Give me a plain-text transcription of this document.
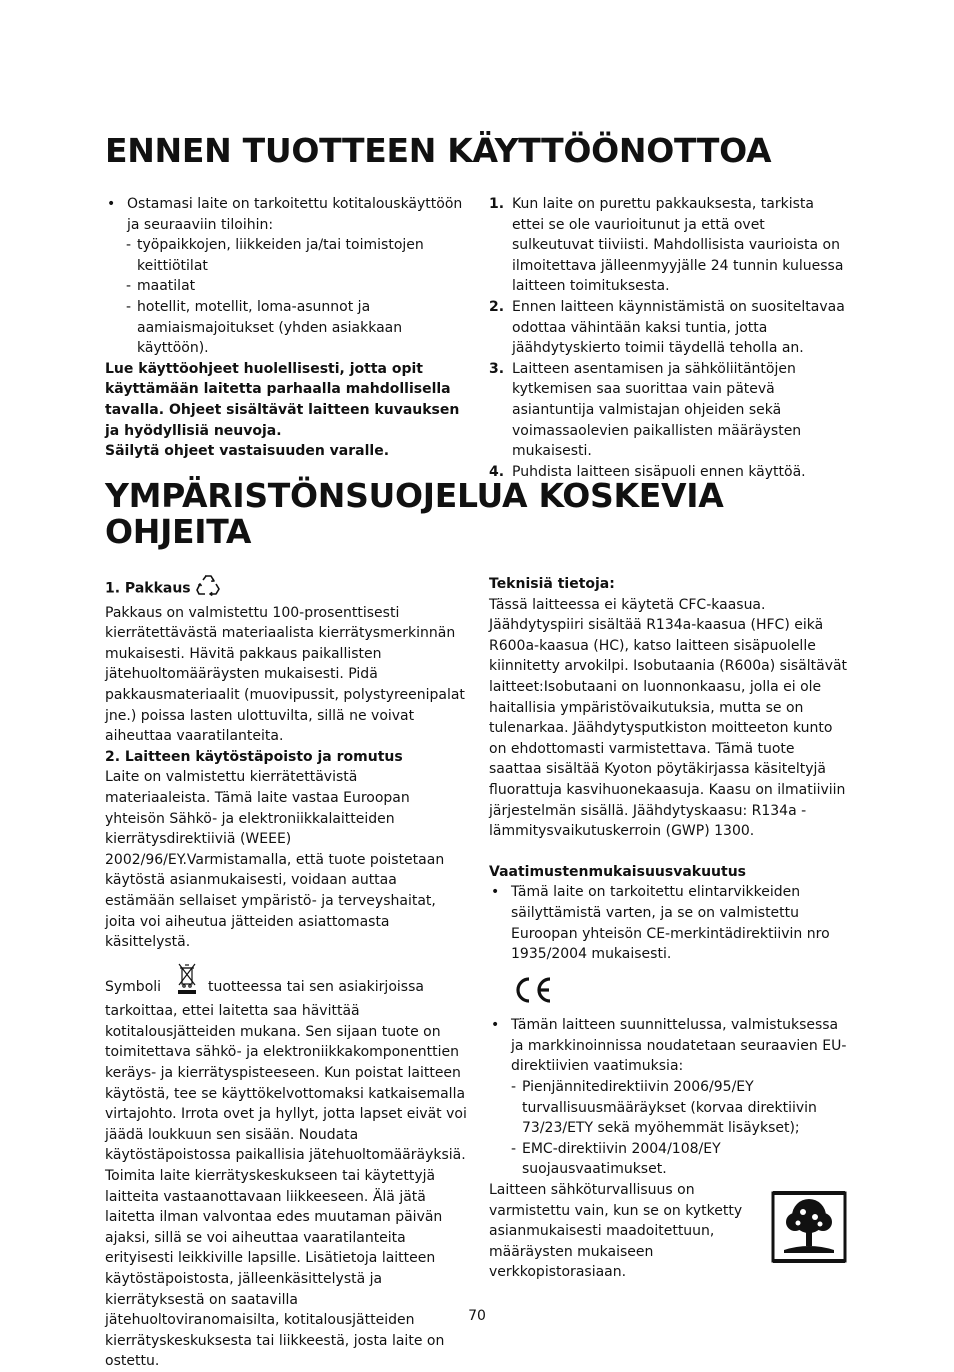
ENNEN TUOTTEEN KÄYTTÖÖNOTTOA

• Ostamasi laite on tarkoitettu kotitalouskäyttöön ja seuraaviin tiloihin:

- työpaikkojen, liikkeiden ja/tai toimistojen keittiötilat
- maatilat
- hotellit, motellit, loma-asunnot ja aamiaismajoitukset (yhden asiakkaan käyttöön).

Lue käyttöohjeet huolellisesti, jotta opit käyttämään laitetta parhaalla mahdollisella tavalla. Ohjeet sisältävät laitteen kuvauksen ja hyödyllisiä neuvoja.

Säilytä ohjeet vastaisuuden varalle.

1. Kun laite on purettu pakkauksesta, tarkista ettei se ole vaurioitunut ja että ovet sulkeutuvat tiiviisti. Mahdollisista vaurioista on ilmoitettava jälleenmyyjälle 24 tunnin kuluessa laitteen toimituksesta.
2. Ennen laitteen käynnistämistä on suositeltavaa odottaa vähintään kaksi tuntia, jotta jäähdytyskierto toimii täydellä teholla an.
3. Laitteen asentamisen ja sähköliitäntöjen kytkemisen saa suorittaa vain pätevä asiantuntija valmistajan ohjeiden sekä voimassaolevien paikallisten määräysten mukaisesti.
4. Puhdista laitteen sisäpuoli ennen käyttöä.
YMPÄRISTÖNSUOJELUA KOSKEVIA OHJEITA

1. Pakkaus

Pakkaus on valmistettu 100-prosenttisesti kierrätettävästä materiaalista kierrätysmerkinnän mukaisesti. Hävitä pakkaus paikallisten jätehuoltomääräysten mukaisesti. Pidä pakkausmateriaalit (muovipussit, polystyreenipalat jne.) poissa lasten ulottuvilta, sillä ne voivat aiheuttaa vaaratilanteita.

2. Laitteen käytöstäpoisto ja romutus

Laite on valmistettu kierrätettävistä materiaaleista. Tämä laite vastaa Euroopan yhteisön Sähkö- ja elektroniikkalaitteiden kierrätysdirektiiviä (WEEE) 2002/96/EY.Varmistamalla, että tuote poistetaan käytöstä asianmukaisesti, voidaan auttaa estämään sellaiset ympäristö- ja terveyshaitat, joita voi aiheutua jätteiden asiattomasta käsittelystä.

Symboli	tuotteessa tai sen asiakirjoissa tarkoittaa, ettei laitetta saa hävittää kotitalousjätteiden mukana. Sen sijaan tuote on toimitettava sähkö- ja elektroniikkakomponenttien keräys- ja kierrätyspisteeseen. Kun poistat laitteen käytöstä, tee se käyttökelvottomaksi katkaisemalla virtajohto. Irrota ovet ja hyllyt, jotta lapset eivät voi jäädä loukkuun sen sisään. Noudata käytöstäpoistossa paikallisia jätehuoltomääräyksiä. Toimita laite kierrätyskeskukseen tai käytettyjä laitteita vastaanottavaan liikkeeseen. Älä jätä laitetta ilman valvontaa edes muutaman päivän ajaksi, sillä se voi aiheuttaa vaaratilanteita erityisesti leikkiville lapsille. Lisätietoja laitteen käytöstäpoistosta, jälleenkäsittelystä ja kierrätyksestä on saatavilla jätehuoltoviranomaisilta, kotitalousjätteiden kierrätyskeskuksesta tai liikkeestä, josta laite on ostettu.

Teknisiä tietoja:

Tässä laitteessa ei käytetä CFC-kaasua. Jäähdytyspiiri sisältää R134a-kaasua (HFC) eikä R600a-kaasua (HC), katso laitteen sisäpuolelle kiinnitetty arvokilpi. Isobutaania (R600a) sisältävät laitteet:Isobutaani on luonnonkaasu, jolla ei ole haitallisia ympäristövaikutuksia, mutta se on tulenarkaa. Jäähdytysputkiston moitteeton kunto on ehdottomasti varmistettava. Tämä tuote saattaa sisältää Kyoton pöytäkirjassa käsiteltyjä fluorattuja kasvihuonekaasuja. Kaasu on ilmatiiviin järjestelmän sisällä. Jäähdytyskaasu: R134a - lämmitysvaikutuskerroin (GWP) 1300.

Vaatimustenmukaisuusvakuutus

• Tämä laite on tarkoitettu elintarvikkeiden säilyttämistä varten, ja se on valmistettu Euroopan yhteisön CE-merkintädirektiivin nro 1935/2004 mukaisesti.
• Tämän laitteen suunnittelussa, valmistuksessa ja markkinoinnissa noudatetaan seuraavien EU-direktiivien vaatimuksia:
- Pienjännitedirektiivin 2006/95/EY turvallisuusmääräykset (korvaa direktiivin 73/23/ETY sekä myöhemmät lisäykset);
- EMC-direktiivin 2004/108/EY suojausvaatimukset.

Laitteen sähköturvallisuus on varmistettu vain, kun se on kytketty asianmukaisesti maadoitettuun, määräysten mukaiseen verkkopistorasiaan.

70
